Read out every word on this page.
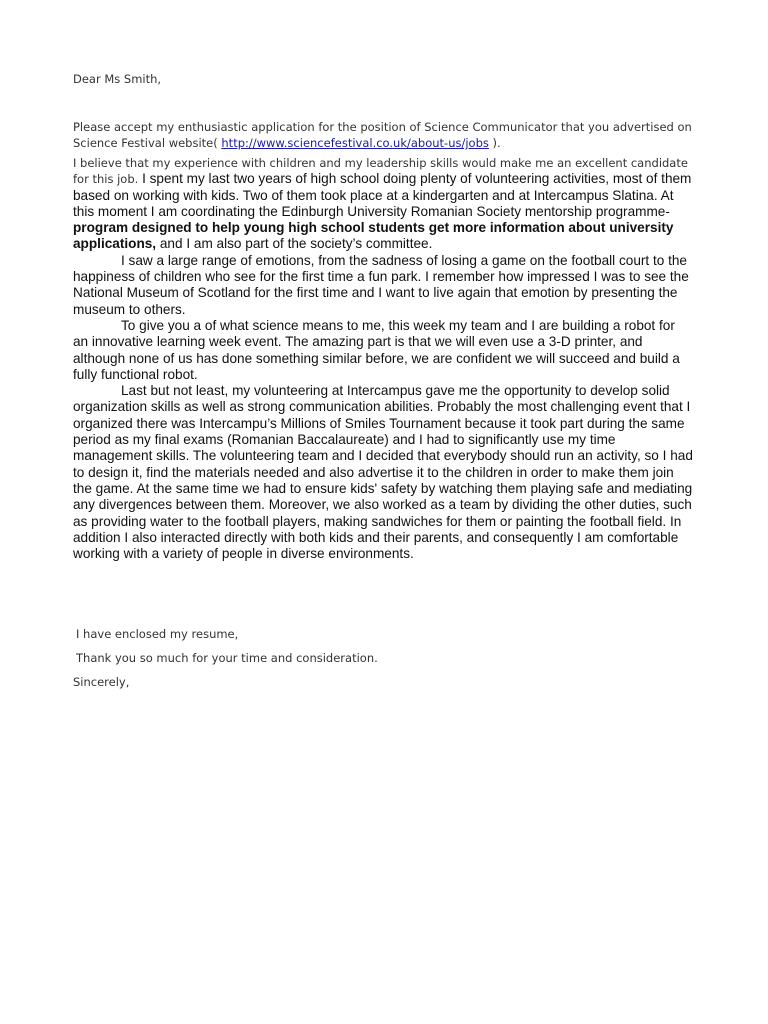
Dear Ms Smith,
Please accept my enthusiastic application for the position of Science Communicator that you advertised on Science Festival website( http://www.sciencefestival.co.uk/about-us/jobs ).

I believe that my experience with children and my leadership skills would make me an excellent candidate for this job. I spent my last two years of high school doing plenty of volunteering activities, most of them based on working with kids. Two of them took place at a kindergarten and at Intercampus Slatina. At this moment I am coordinating the Edinburgh University Romanian Society mentorship programme- program designed to help young high school students get more information about university applications, and I am also part of the society’s committee.

I saw a large range of emotions, from the sadness of losing a game on the football court to the happiness of children who see for the first time a fun park. I remember how impressed I was to see the National Museum of Scotland for the first time and I want to live again that emotion by presenting the museum to others.

To give you a of what science means to me, this week my team and I are building a robot for an innovative learning week event. The amazing part is that we will even use a 3-D printer, and although none of us has done something similar before, we are confident we will succeed and build a fully functional robot.

Last but not least, my volunteering at Intercampus gave me the opportunity to develop solid organization skills as well as strong communication abilities. Probably the most challenging event that I organized there was Intercampu’s Millions of Smiles Tournament because it took part during the same period as my final exams (Romanian Baccalaureate) and I had to significantly use my time management skills. The volunteering team and I decided that everybody should run an activity, so I had to design it, find the materials needed and also advertise it to the children in order to make them join the game. At the same time we had to ensure kids' safety by watching them playing safe and mediating any divergences between them. Moreover, we also worked as a team by dividing the other duties, such as providing water to the football players, making sandwiches for them or painting the football field. In addition I also interacted directly with both kids and their parents, and consequently I am comfortable working with a variety of people in diverse environments.

I have enclosed my resume,
Thank you so much for your time and consideration.
Sincerely,
